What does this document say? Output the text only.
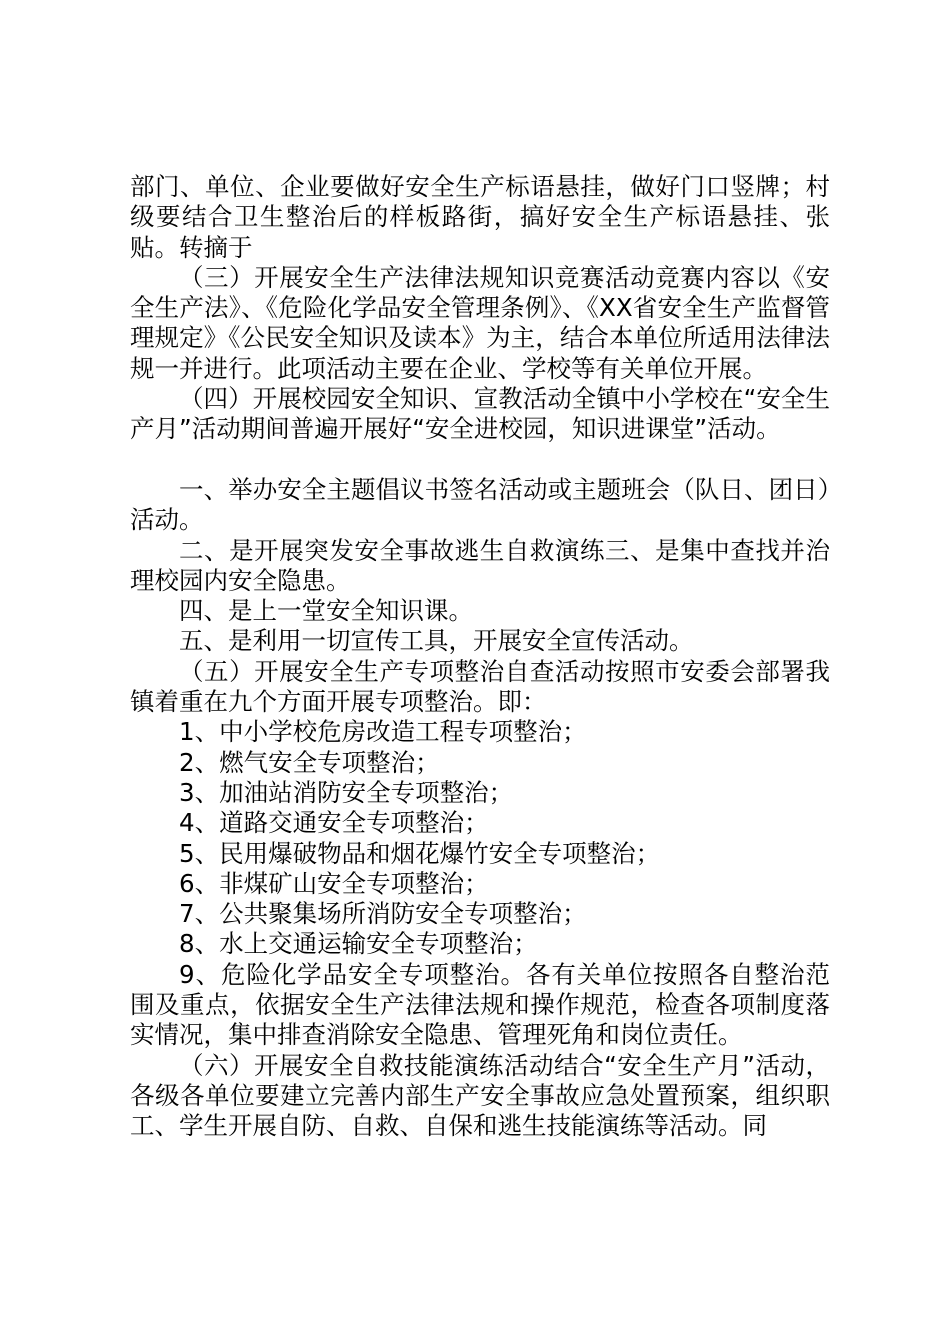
部门、单位、企业要做好安全生产标语悬挂，做好门口竖牌；村级要结合卫生整治后的样板路街，搞好安全生产标语悬挂、张贴。转摘于

（三）开展安全生产法律法规知识竞赛活动竞赛内容以《安全生产法》、《危险化学品安全管理条例》、《XX省安全生产监督管理规定》《公民安全知识及读本》为主，结合本单位所适用法律法规一并进行。此项活动主要在企业、学校等有关单位开展。

（四）开展校园安全知识、宣教活动全镇中小学校在“安全生产月”活动期间普遍开展好“安全进校园，知识进课堂”活动。

一、举办安全主题倡议书签名活动或主题班会（队日、团日）活动。

二、是开展突发安全事故逃生自救演练三、是集中查找并治理校园内安全隐患。

四、是上一堂安全知识课。

五、是利用一切宣传工具，开展安全宣传活动。

（五）开展安全生产专项整治自查活动按照市安委会部署我镇着重在九个方面开展专项整治。即：

1、中小学校危房改造工程专项整治；

2、燃气安全专项整治；

3、加油站消防安全专项整治；

4、道路交通安全专项整治；

5、民用爆破物品和烟花爆竹安全专项整治；

6、非煤矿山安全专项整治；

7、公共聚集场所消防安全专项整治；

8、水上交通运输安全专项整治；

9、危险化学品安全专项整治。各有关单位按照各自整治范围及重点，依据安全生产法律法规和操作规范，检查各项制度落实情况，集中排查消除安全隐患、管理死角和岗位责任。

（六）开展安全自救技能演练活动结合“安全生产月”活动，各级各单位要建立完善内部生产安全事故应急处置预案，组织职工、学生开展自防、自救、自保和逃生技能演练等活动。同
